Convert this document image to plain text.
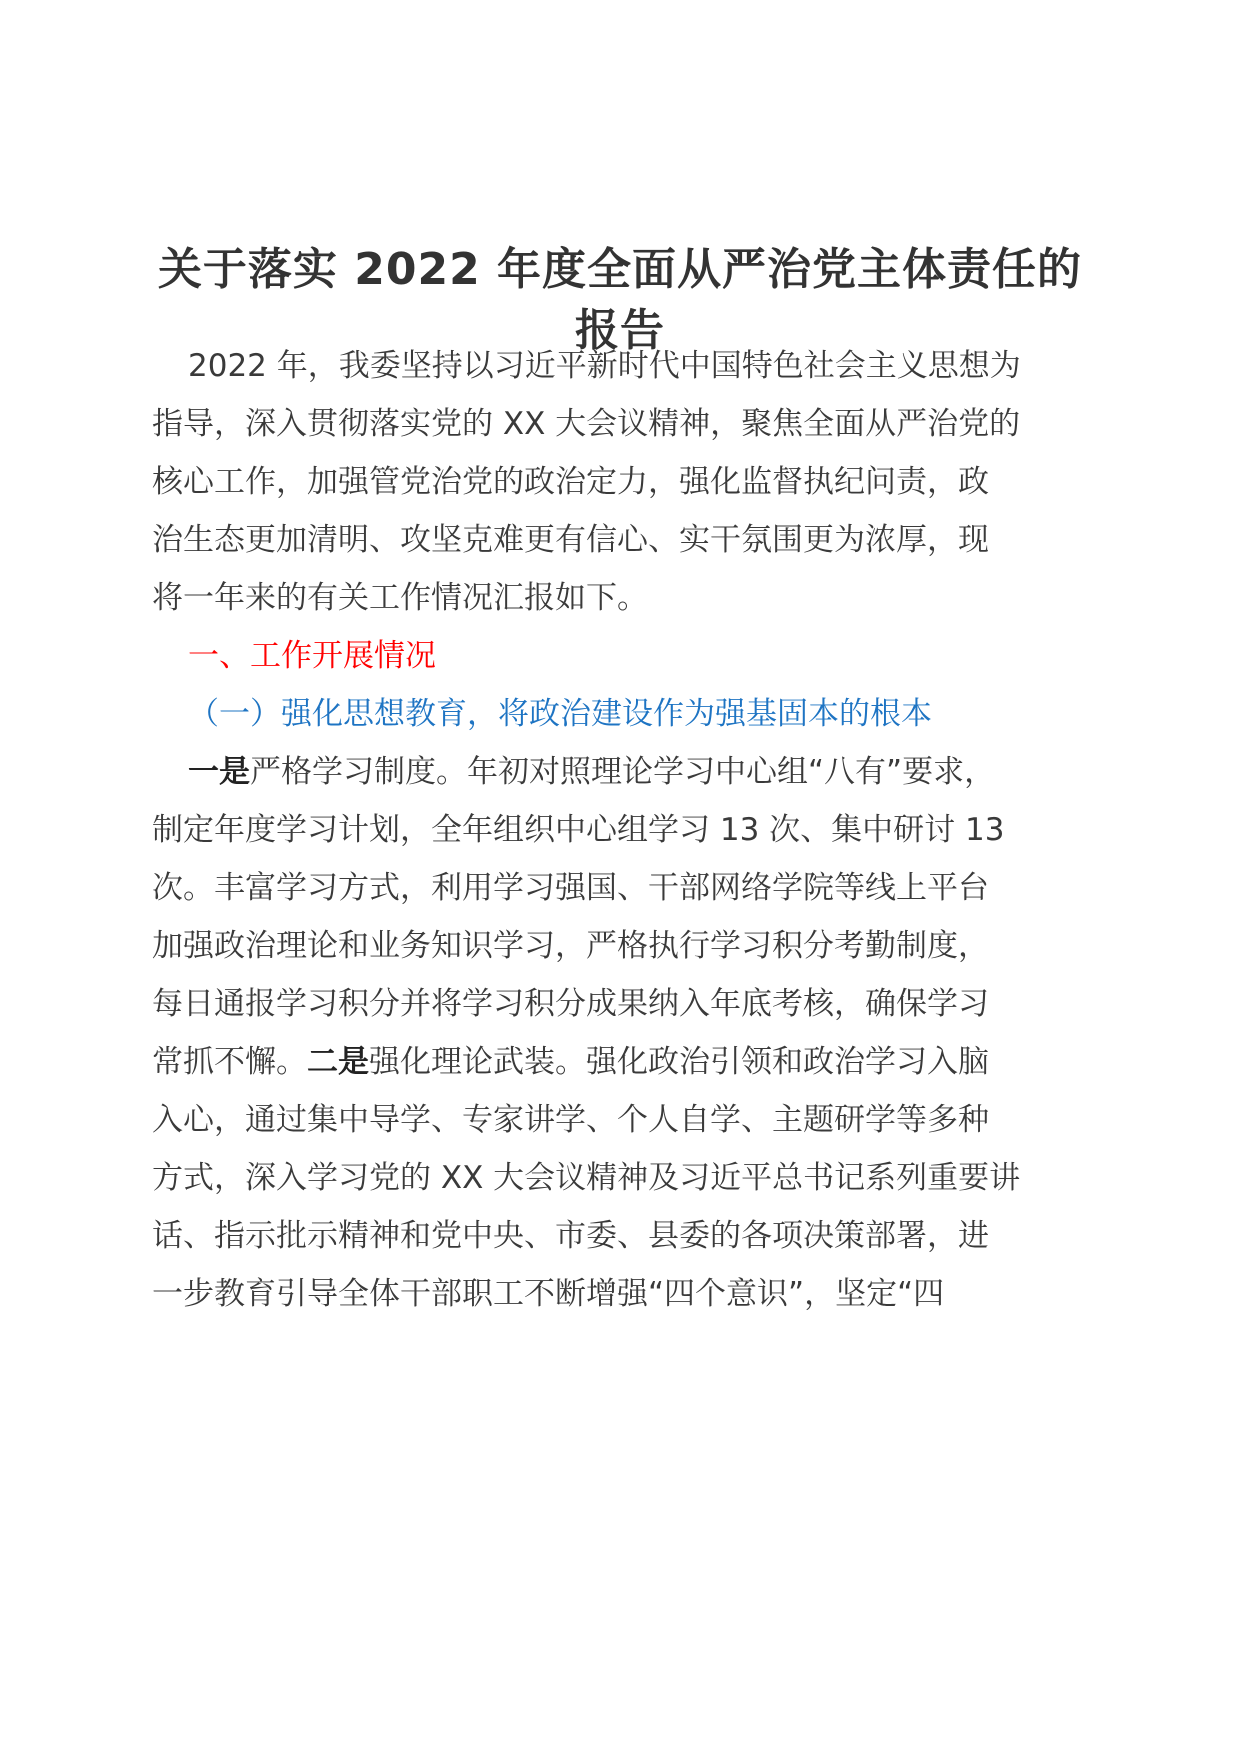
关于落实 2022 年度全面从严治党主体责任的
报告
2022 年，我委坚持以习近平新时代中国特色社会主义思想为
指导，深入贯彻落实党的 XX 大会议精神，聚焦全面从严治党的
核心工作，加强管党治党的政治定力，强化监督执纪问责，政
治生态更加清明、攻坚克难更有信心、实干氛围更为浓厚，现
将一年来的有关工作情况汇报如下。
一、工作开展情况
（一）强化思想教育，将政治建设作为强基固本的根本
一是严格学习制度。年初对照理论学习中心组“八有”要求，
制定年度学习计划，全年组织中心组学习 13 次、集中研讨 13
次。丰富学习方式，利用学习强国、干部网络学院等线上平台
加强政治理论和业务知识学习，严格执行学习积分考勤制度，
每日通报学习积分并将学习积分成果纳入年底考核，确保学习
常抓不懈。二是强化理论武装。强化政治引领和政治学习入脑
入心，通过集中导学、专家讲学、个人自学、主题研学等多种
方式，深入学习党的 XX 大会议精神及习近平总书记系列重要讲
话、指示批示精神和党中央、市委、县委的各项决策部署，进
一步教育引导全体干部职工不断增强“四个意识”，坚定“四
